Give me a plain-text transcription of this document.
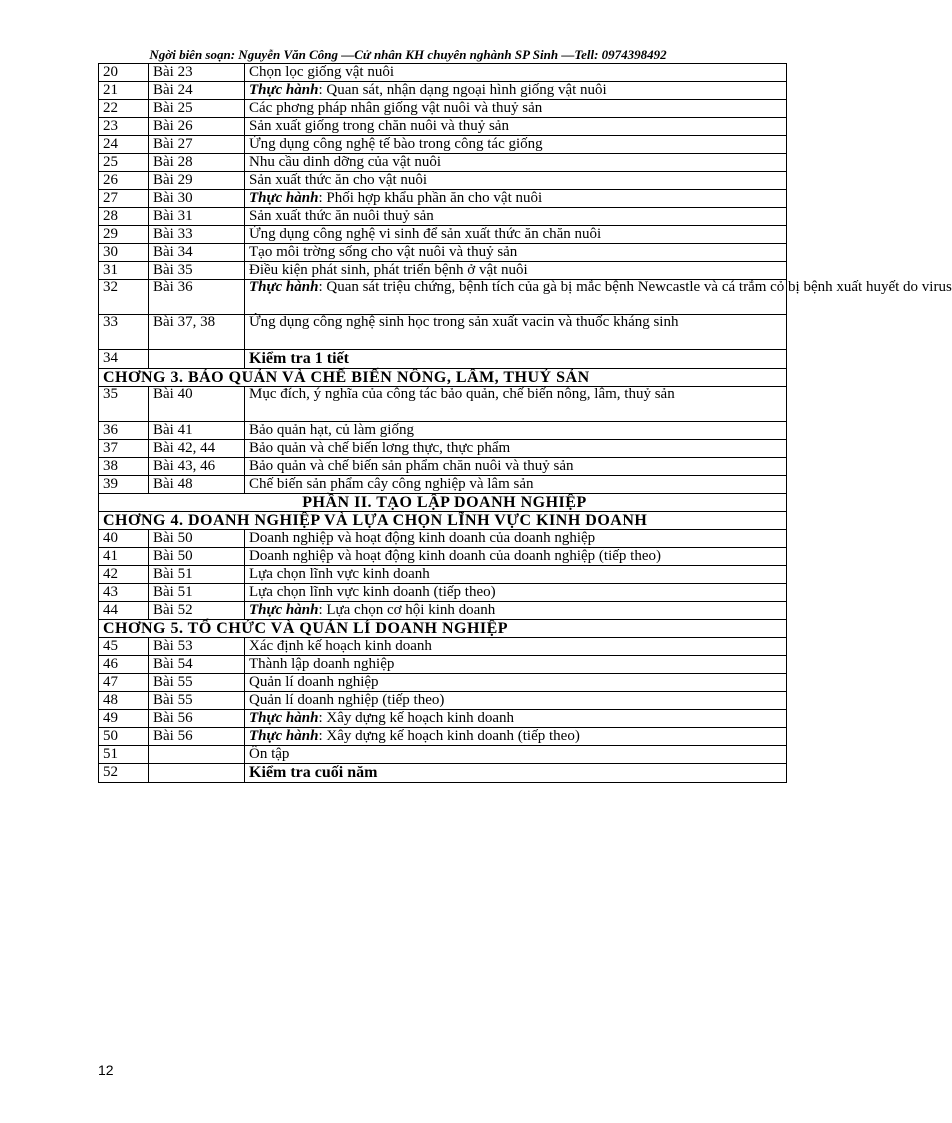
Ngời biên soạn: Nguyễn Văn Công —Cử nhân KH chuyên nghành SP Sinh —Tell: 0974398492
20	Bài 23	Chọn lọc giống vật nuôi
21	Bài 24	Thực hành: Quan sát, nhận dạng ngoại hình giống vật nuôi
22	Bài 25	Các phơng pháp nhân giống vật nuôi và thuỷ sản
23	Bài 26	Sản xuất giống trong chăn nuôi và thuỷ sản
24	Bài 27	Ứng dụng công nghệ tế bào trong công tác giống
25	Bài 28	Nhu cầu dinh dỡng của vật nuôi
26	Bài 29	Sản xuất thức ăn cho vật nuôi
27	Bài 30	Thực hành: Phối hợp khẩu phần ăn cho vật nuôi
28	Bài 31	Sản xuất thức ăn nuôi thuỷ sản
29	Bài 33	Ứng dụng công nghệ vi sinh để sản xuất thức ăn chăn nuôi
30	Bài 34	Tạo môi trờng sống cho vật nuôi và thuỷ sản
31	Bài 35	Điều kiện phát sinh, phát triển bệnh ở vật nuôi
32	Bài 36	Thực hành: Quan sát triệu chứng, bệnh tích của gà bị mắc bệnh Newcastle và cá trắm cỏ bị bệnh xuất huyết do virus
33	Bài 37, 38	Ứng dụng công nghệ sinh học trong sản xuất vacin và thuốc kháng sinh
34		Kiểm tra 1 tiết
CHƠNG 3. BẢO QUẢN VÀ CHẾ BIẾN NÔNG, LÂM, THUỶ SẢN		
35	Bài 40	Mục đích, ý nghĩa của công tác bảo quản, chế biến nông, lâm, thuỷ sản
36	Bài 41	Bảo quản hạt, củ làm giống
37	Bài 42, 44	Bảo quản và chế biến lơng thực, thực phẩm
38	Bài 43, 46	Bảo quản và chế biến sản phẩm chăn nuôi và thuỷ sản
39	Bài 48	Chế biến sản phẩm cây công nghiệp và lâm sản
PHẦN II. TẠO LẬP DOANH NGHIỆP		
CHƠNG 4. DOANH NGHIỆP VÀ LỰA CHỌN LĨNH VỰC KINH DOANH		
40	Bài 50	Doanh nghiệp và hoạt động kinh doanh của doanh nghiệp
41	Bài 50	Doanh nghiệp và hoạt động kinh doanh của doanh nghiệp (tiếp theo)
42	Bài 51	Lựa chọn lĩnh vực kinh doanh
43	Bài 51	Lựa chọn lĩnh vực kinh doanh (tiếp theo)
44	Bài 52	Thực hành: Lựa chọn cơ hội kinh doanh
CHƠNG 5. TỔ CHỨC VÀ QUẢN LÍ DOANH NGHIỆP		
45	Bài 53	Xác định kế hoạch kinh doanh
46	Bài 54	Thành lập doanh nghiệp
47	Bài 55	Quản lí doanh nghiệp
48	Bài 55	Quản lí doanh nghiệp (tiếp theo)
49	Bài 56	Thực hành: Xây dựng kế hoạch kinh doanh
50	Bài 56	Thực hành: Xây dựng kế hoạch kinh doanh (tiếp theo)
51		Ôn tập
52		Kiểm tra cuối năm
12
